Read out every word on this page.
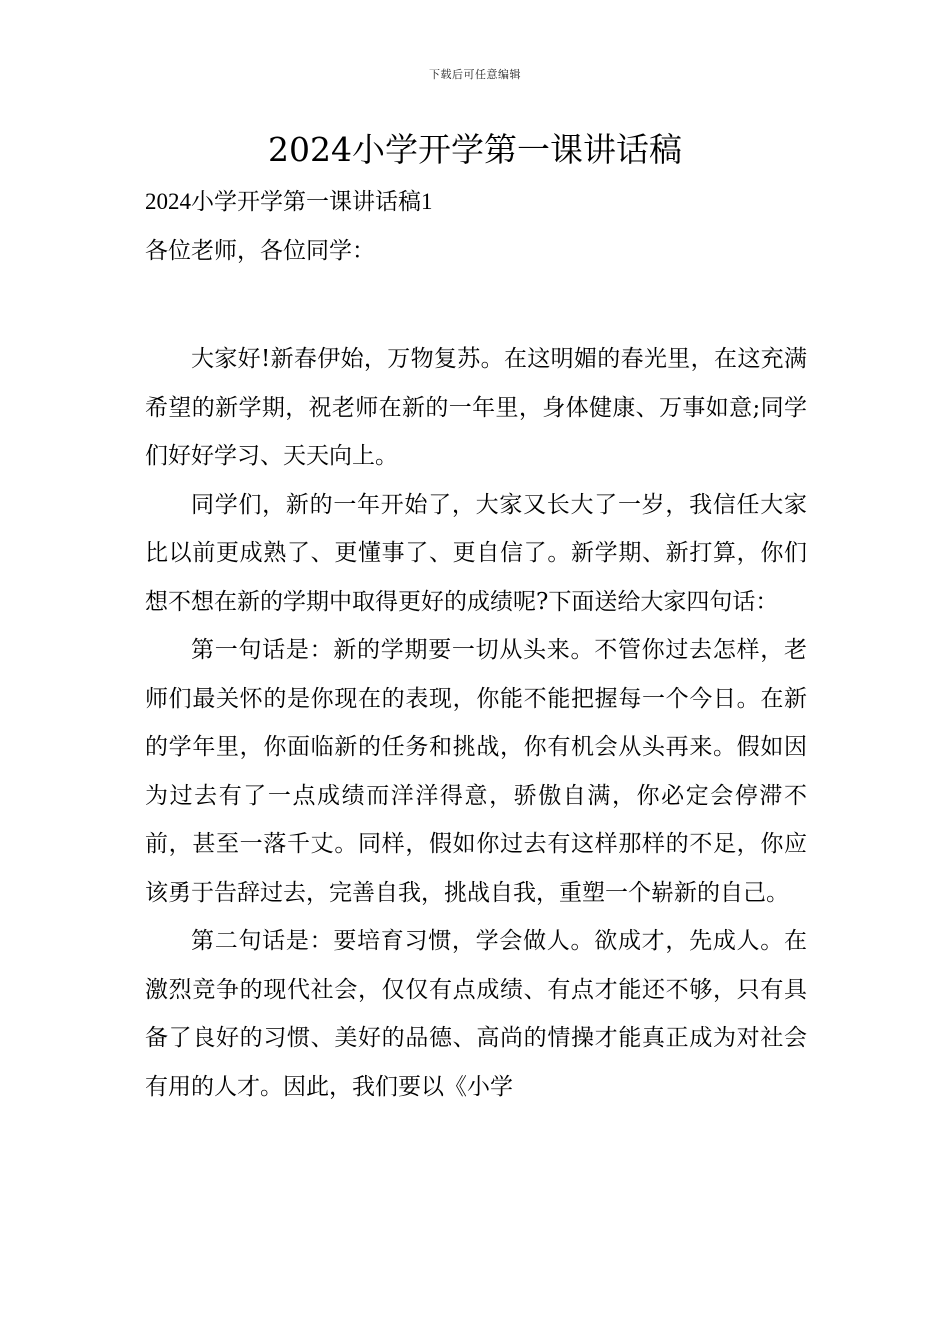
下载后可任意编辑
2024小学开学第一课讲话稿

2024小学开学第一课讲话稿1

各位老师，各位同学：

大家好!新春伊始，万物复苏。在这明媚的春光里，在这充满希望的新学期，祝老师在新的一年里，身体健康、万事如意;同学们好好学习、天天向上。

同学们，新的一年开始了，大家又长大了一岁，我信任大家比以前更成熟了、更懂事了、更自信了。新学期、新打算，你们想不想在新的学期中取得更好的成绩呢?下面送给大家四句话：

第一句话是：新的学期要一切从头来。不管你过去怎样，老师们最关怀的是你现在的表现，你能不能把握每一个今日。在新的学年里，你面临新的任务和挑战，你有机会从头再来。假如因为过去有了一点成绩而洋洋得意，骄傲自满，你必定会停滞不前，甚至一落千丈。同样，假如你过去有这样那样的不足，你应该勇于告辞过去，完善自我，挑战自我，重塑一个崭新的自己。

第二句话是：要培育习惯，学会做人。欲成才，先成人。在激烈竞争的现代社会，仅仅有点成绩、有点才能还不够，只有具备了良好的习惯、美好的品德、高尚的情操才能真正成为对社会有用的人才。因此，我们要以《小学
